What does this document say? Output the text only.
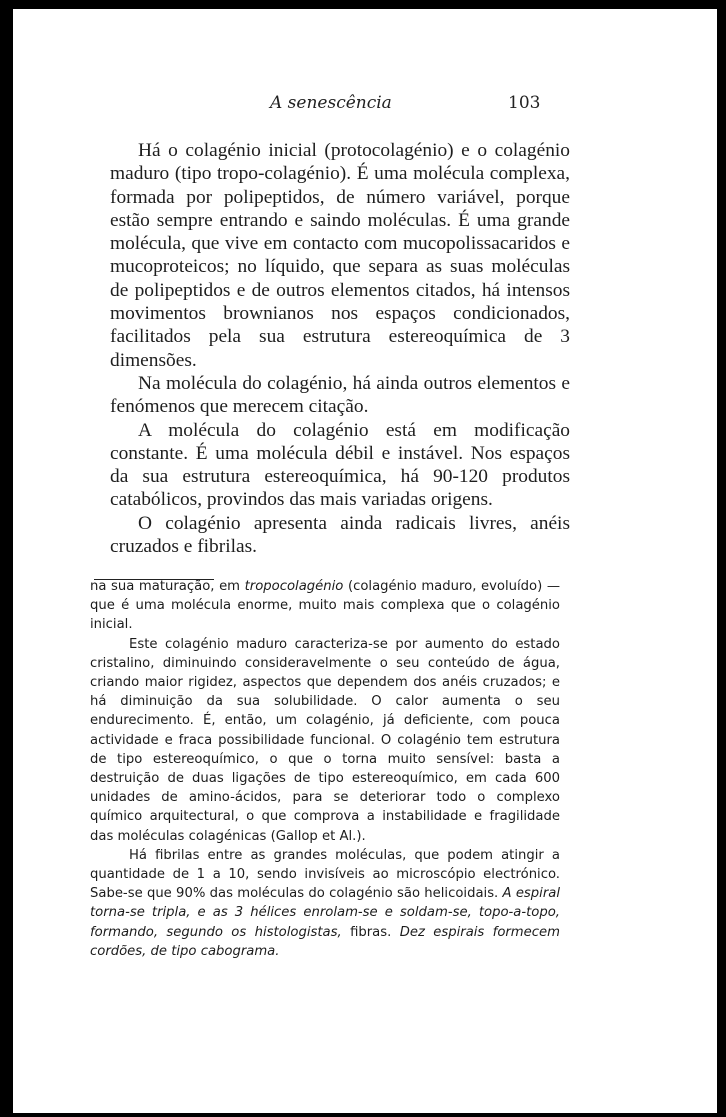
A senescência	103

Há o colagénio inicial (protocolagénio) e o colagénio maduro (tipo tropo-colagénio). É uma molécula complexa, formada por polipeptidos, de número variável, porque estão sempre entrando e saindo moléculas. É uma grande molécula, que vive em contacto com mucopolissacaridos e mucoproteicos; no líquido, que separa as suas moléculas de polipeptidos e de outros elementos citados, há intensos movimentos brownianos nos espaços condicionados, facilitados pela sua estrutura estereoquímica de 3 dimensões.

Na molécula do colagénio, há ainda outros elementos e fenómenos que merecem citação.

A molécula do colagénio está em modificação constante. É uma molécula débil e instável. Nos espaços da sua estrutura estereoquímica, há 90-120 produtos catabólicos, provindos das mais variadas origens.

O colagénio apresenta ainda radicais livres, anéis cruzados e fibrilas.

na sua maturação, em tropocolagénio (colagénio maduro, evoluído) — que é uma molécula enorme, muito mais complexa que o colagénio inicial.

Este colagénio maduro caracteriza-se por aumento do estado cristalino, diminuindo consideravelmente o seu conteúdo de água, criando maior rigidez, aspectos que dependem dos anéis cruzados; e há diminuição da sua solubilidade. O calor aumenta o seu endurecimento. É, então, um colagénio, já deficiente, com pouca actividade e fraca possibilidade funcional. O colagénio tem estrutura de tipo estereoquímico, o que o torna muito sensível: basta a destruição de duas ligações de tipo estereoquímico, em cada 600 unidades de amino-ácidos, para se deteriorar todo o complexo químico arquitectural, o que comprova a instabilidade e fragilidade das moléculas colagénicas (Gallop et Al.).

Há fibrilas entre as grandes moléculas, que podem atingir a quantidade de 1 a 10, sendo invisíveis ao microscópio electrónico. Sabe-se que 90% das moléculas do colagénio são helicoidais. A espiral torna-se tripla, e as 3 hélices enrolam-se e soldam-se, topo-a-topo, formando, segundo os histologistas, fibras. Dez espirais formecem cordões, de tipo cabograma.
